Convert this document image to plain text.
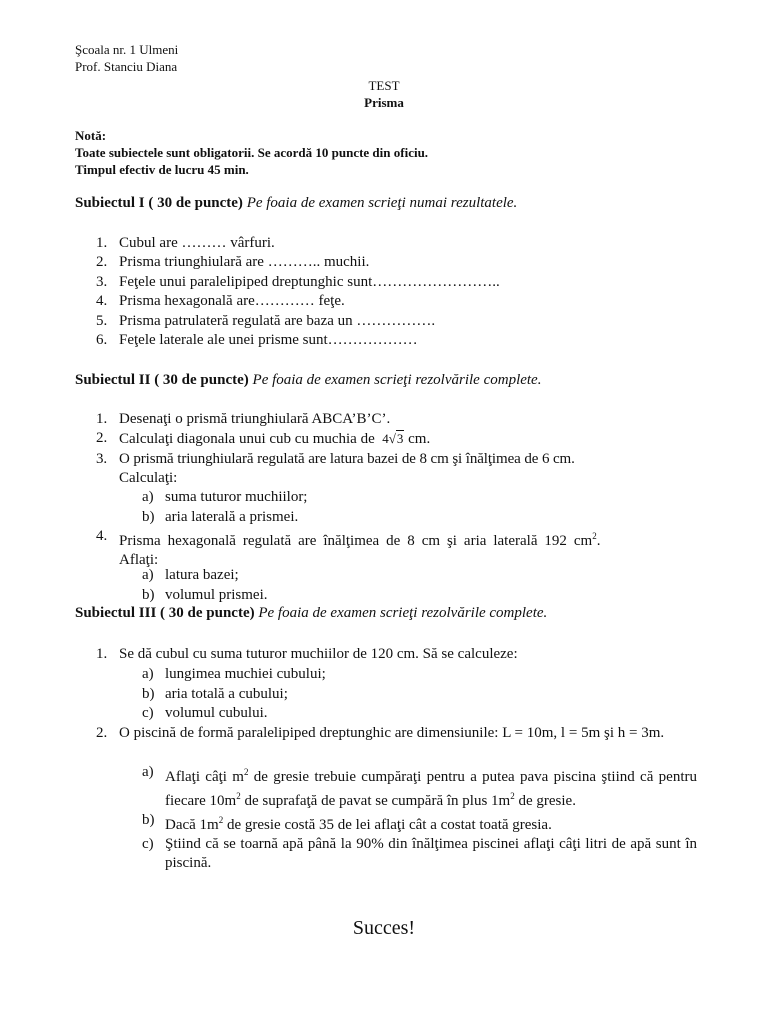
Şcoala nr. 1 Ulmeni
Prof. Stanciu Diana
TEST
Prisma
Notă:
Toate subiectele sunt obligatorii. Se acordă 10 puncte din oficiu.
Timpul efectiv de lucru 45 min.
Subiectul I ( 30 de puncte) Pe foaia de examen scrieţi numai rezultatele.
1. Cubul are ……… vârfuri.
2. Prisma triunghiulară are ……….. muchii.
3. Feţele unui paralelipiped dreptunghic sunt……………………..
4. Prisma hexagonală are………… feţe.
5. Prisma patrulateră regulată are baza un …………….
6. Feţele laterale ale unei prisme sunt………………
Subiectul II ( 30 de puncte) Pe foaia de examen scrieţi rezolvările complete.
1. Desenaţi o prismă triunghiulară ABCA’B’C’.
2. Calculaţi diagonala unui cub cu muchia de 4√3 cm.
3. O prismă triunghiulară regulată are latura bazei de 8 cm şi înălţimea de 6 cm.
Calculaţi:
a) suma tuturor muchiilor;
b) aria laterală a prismei.
4. Prisma hexagonală regulată are înălţimea de 8 cm şi aria laterală 192 $cm^2$.
Aflaţi:
a) latura bazei;
b) volumul prismei.
Subiectul III ( 30 de puncte) Pe foaia de examen scrieţi rezolvările complete.
1. Se dă cubul cu suma tuturor muchiilor de 120 cm. Să se calculeze:
a) lungimea muchiei cubului;
b) aria totală a cubului;
c) volumul cubului.
2. O piscină de formă paralelipiped dreptunghic are dimensiunile: L = 10m, l = 5m şi h = 3m.
a) Aflaţi câţi $m^2$ de gresie trebuie cumpăraţi pentru a putea pava piscina ştiind că pentru fiecare $10m^2$ de suprafaţă de pavat se cumpără în plus $1m^2$ de gresie.
b) Dacă $1m^2$ de gresie costă 35 de lei aflaţi cât a costat toată gresia.
c) Ştiind că se toarnă apă până la 90% din înălţimea piscinei aflaţi câţi litri de apă sunt în piscină.
Succes!
